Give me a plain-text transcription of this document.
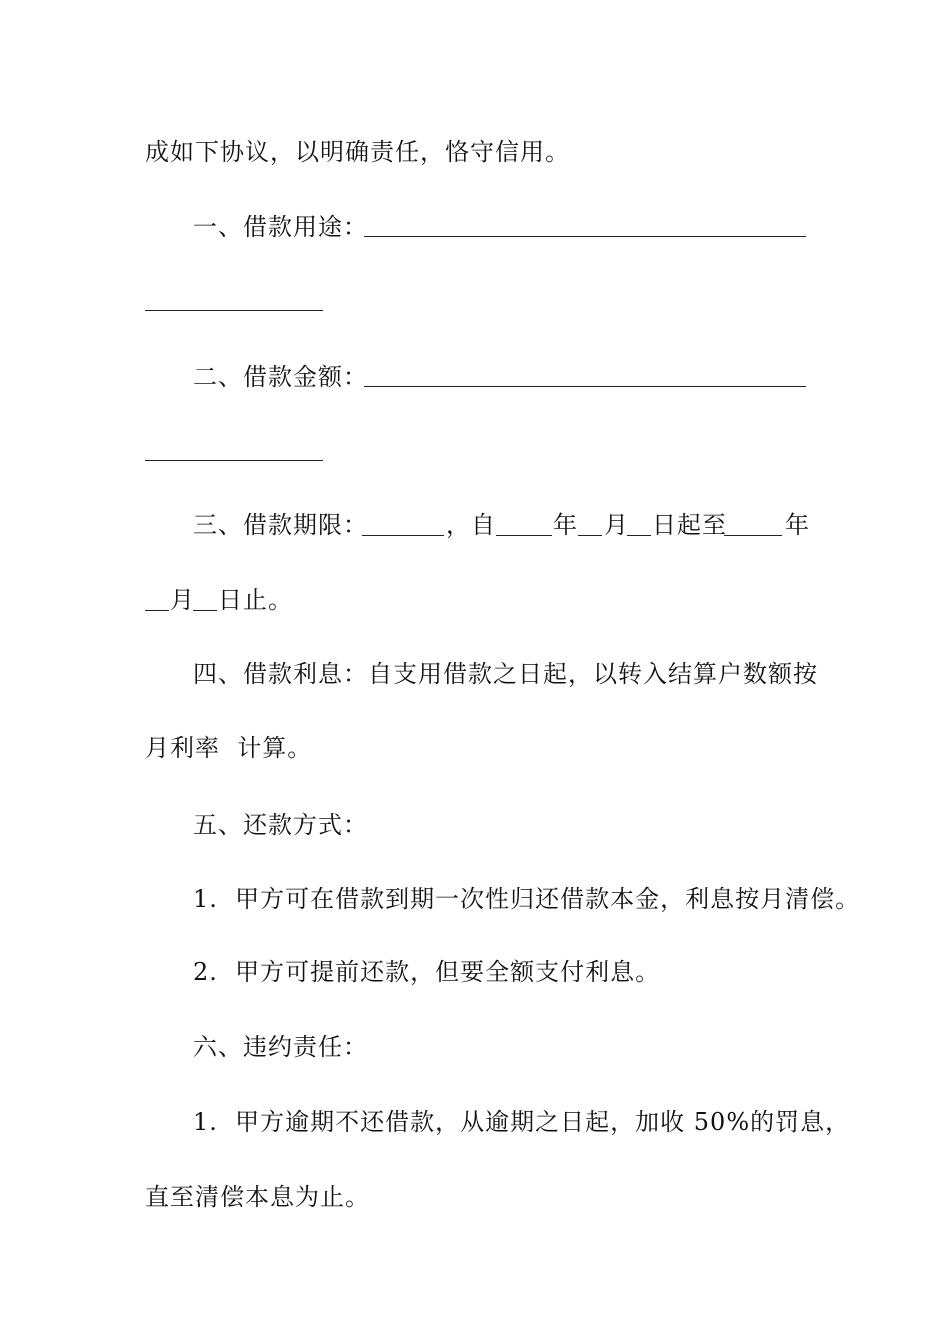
成如下协议，以明确责任，恪守信用。
一、借款用途：
二、借款金额：
三、借款期限：	，自 年 月 日起至 年
月 日止。
四、借款利息：自支用借款之日起，以转入结算户数额按
月利率  计算。
五、还款方式：
1.  甲方可在借款到期一次性归还借款本金，利息按月清偿。
2.  甲方可提前还款，但要全额支付利息。
六、违约责任：
1.  甲方逾期不还借款，从逾期之日起，加收 50%的罚息，
直至清偿本息为止。
